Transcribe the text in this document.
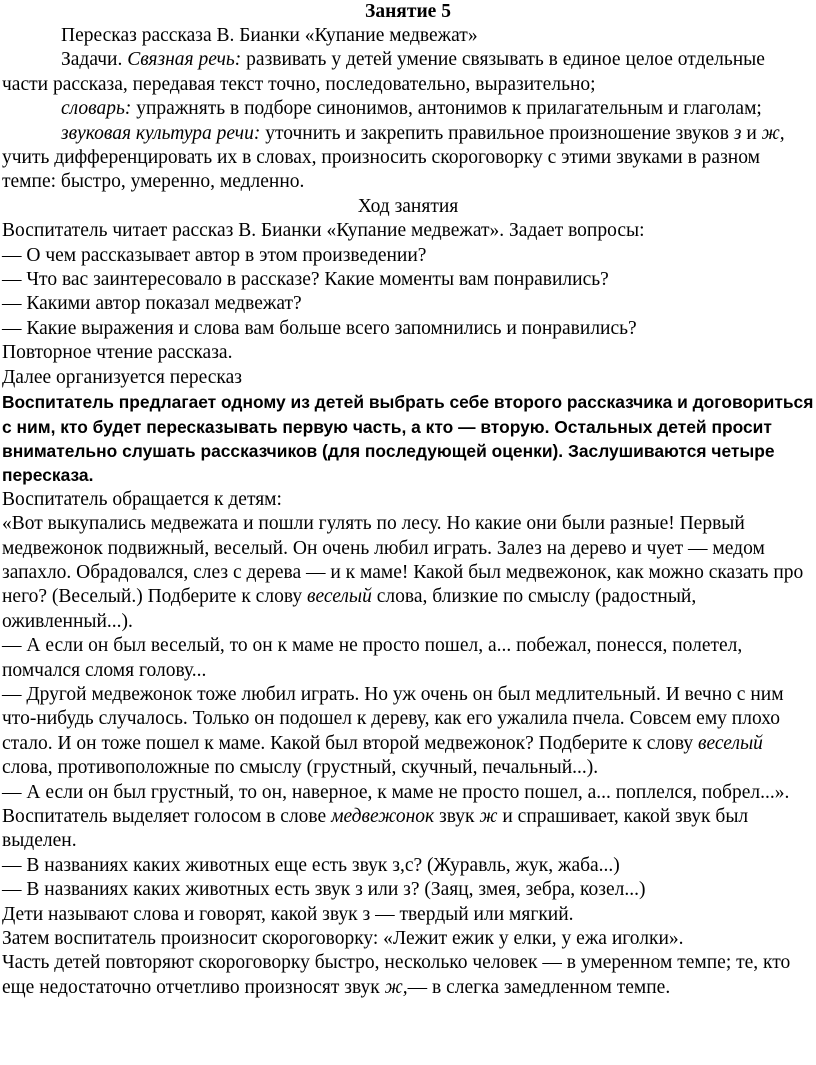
Занятие 5

Пересказ рассказа В. Бианки «Купание медвежат»

Задачи. Связная речь: развивать у детей умение связывать в единое целое отдельные части рассказа, передавая текст точно, последовательно, выразительно;

словарь: упражнять в подборе синонимов, антонимов к прилагательным и глаголам;

звуковая культура речи: уточнить и закрепить правильное произношение звуков з и ж, учить дифференцировать их в словах, произносить скороговорку с этими звуками в разном темпе: быстро, умеренно, медленно.

Ход занятия

Воспитатель читает рассказ В. Бианки «Купание медвежат». Задает вопросы:

— О чем рассказывает автор в этом произведении?

— Что вас заинтересовало в рассказе? Какие моменты вам понравились?

— Какими автор показал медвежат?

— Какие выражения и слова вам больше всего запомнились и понравились?

Повторное чтение рассказа.

Далее организуется пересказ

Воспитатель предлагает одному из детей выбрать себе второго рассказчика и договориться с ним, кто будет пересказывать первую часть, а кто — вторую. Остальных детей просит внимательно слушать рассказчиков (для последующей оценки). Заслушиваются четыре пересказа.

Воспитатель обращается к детям:

«Вот выкупались медвежата и пошли гулять по лесу. Но какие они были разные! Первый медвежонок подвижный, веселый. Он очень любил играть. Залез на дерево и чует — медом запахло. Обрадовался, слез с дерева — и к маме! Какой был медвежонок, как можно сказать про него? (Веселый.) Подберите к слову веселый слова, близкие по смыслу (радостный, оживленный...).

— А если он был веселый, то он к маме не просто пошел, а... побежал, понесся, полетел, помчался сломя голову...

— Другой медвежонок тоже любил играть. Но уж очень он был медлительный. И вечно с ним что-нибудь случалось. Только он подошел к дереву, как его ужалила пчела. Совсем ему плохо стало. И он тоже пошел к маме. Какой был второй медвежонок? Подберите к слову веселый слова, противоположные по смыслу (грустный, скучный, печальный...).

— А если он был грустный, то он, наверное, к маме не просто пошел, а... поплелся, побрел...».

Воспитатель выделяет голосом в слове медвежонок звук ж и спрашивает, какой звук был выделен.

— В названиях каких животных еще есть звук з,с? (Журавль, жук, жаба...)

— В названиях каких животных есть звук з или з? (Заяц, змея, зебра, козел...)

Дети называют слова и говорят, какой звук з — твердый или мягкий.

Затем воспитатель произносит скороговорку: «Лежит ежик у елки, у ежа иголки».

Часть детей повторяют скороговорку быстро, несколько человек — в умеренном темпе; те, кто еще недостаточно отчетливо произносят звук ж,— в слегка замедленном темпе.
